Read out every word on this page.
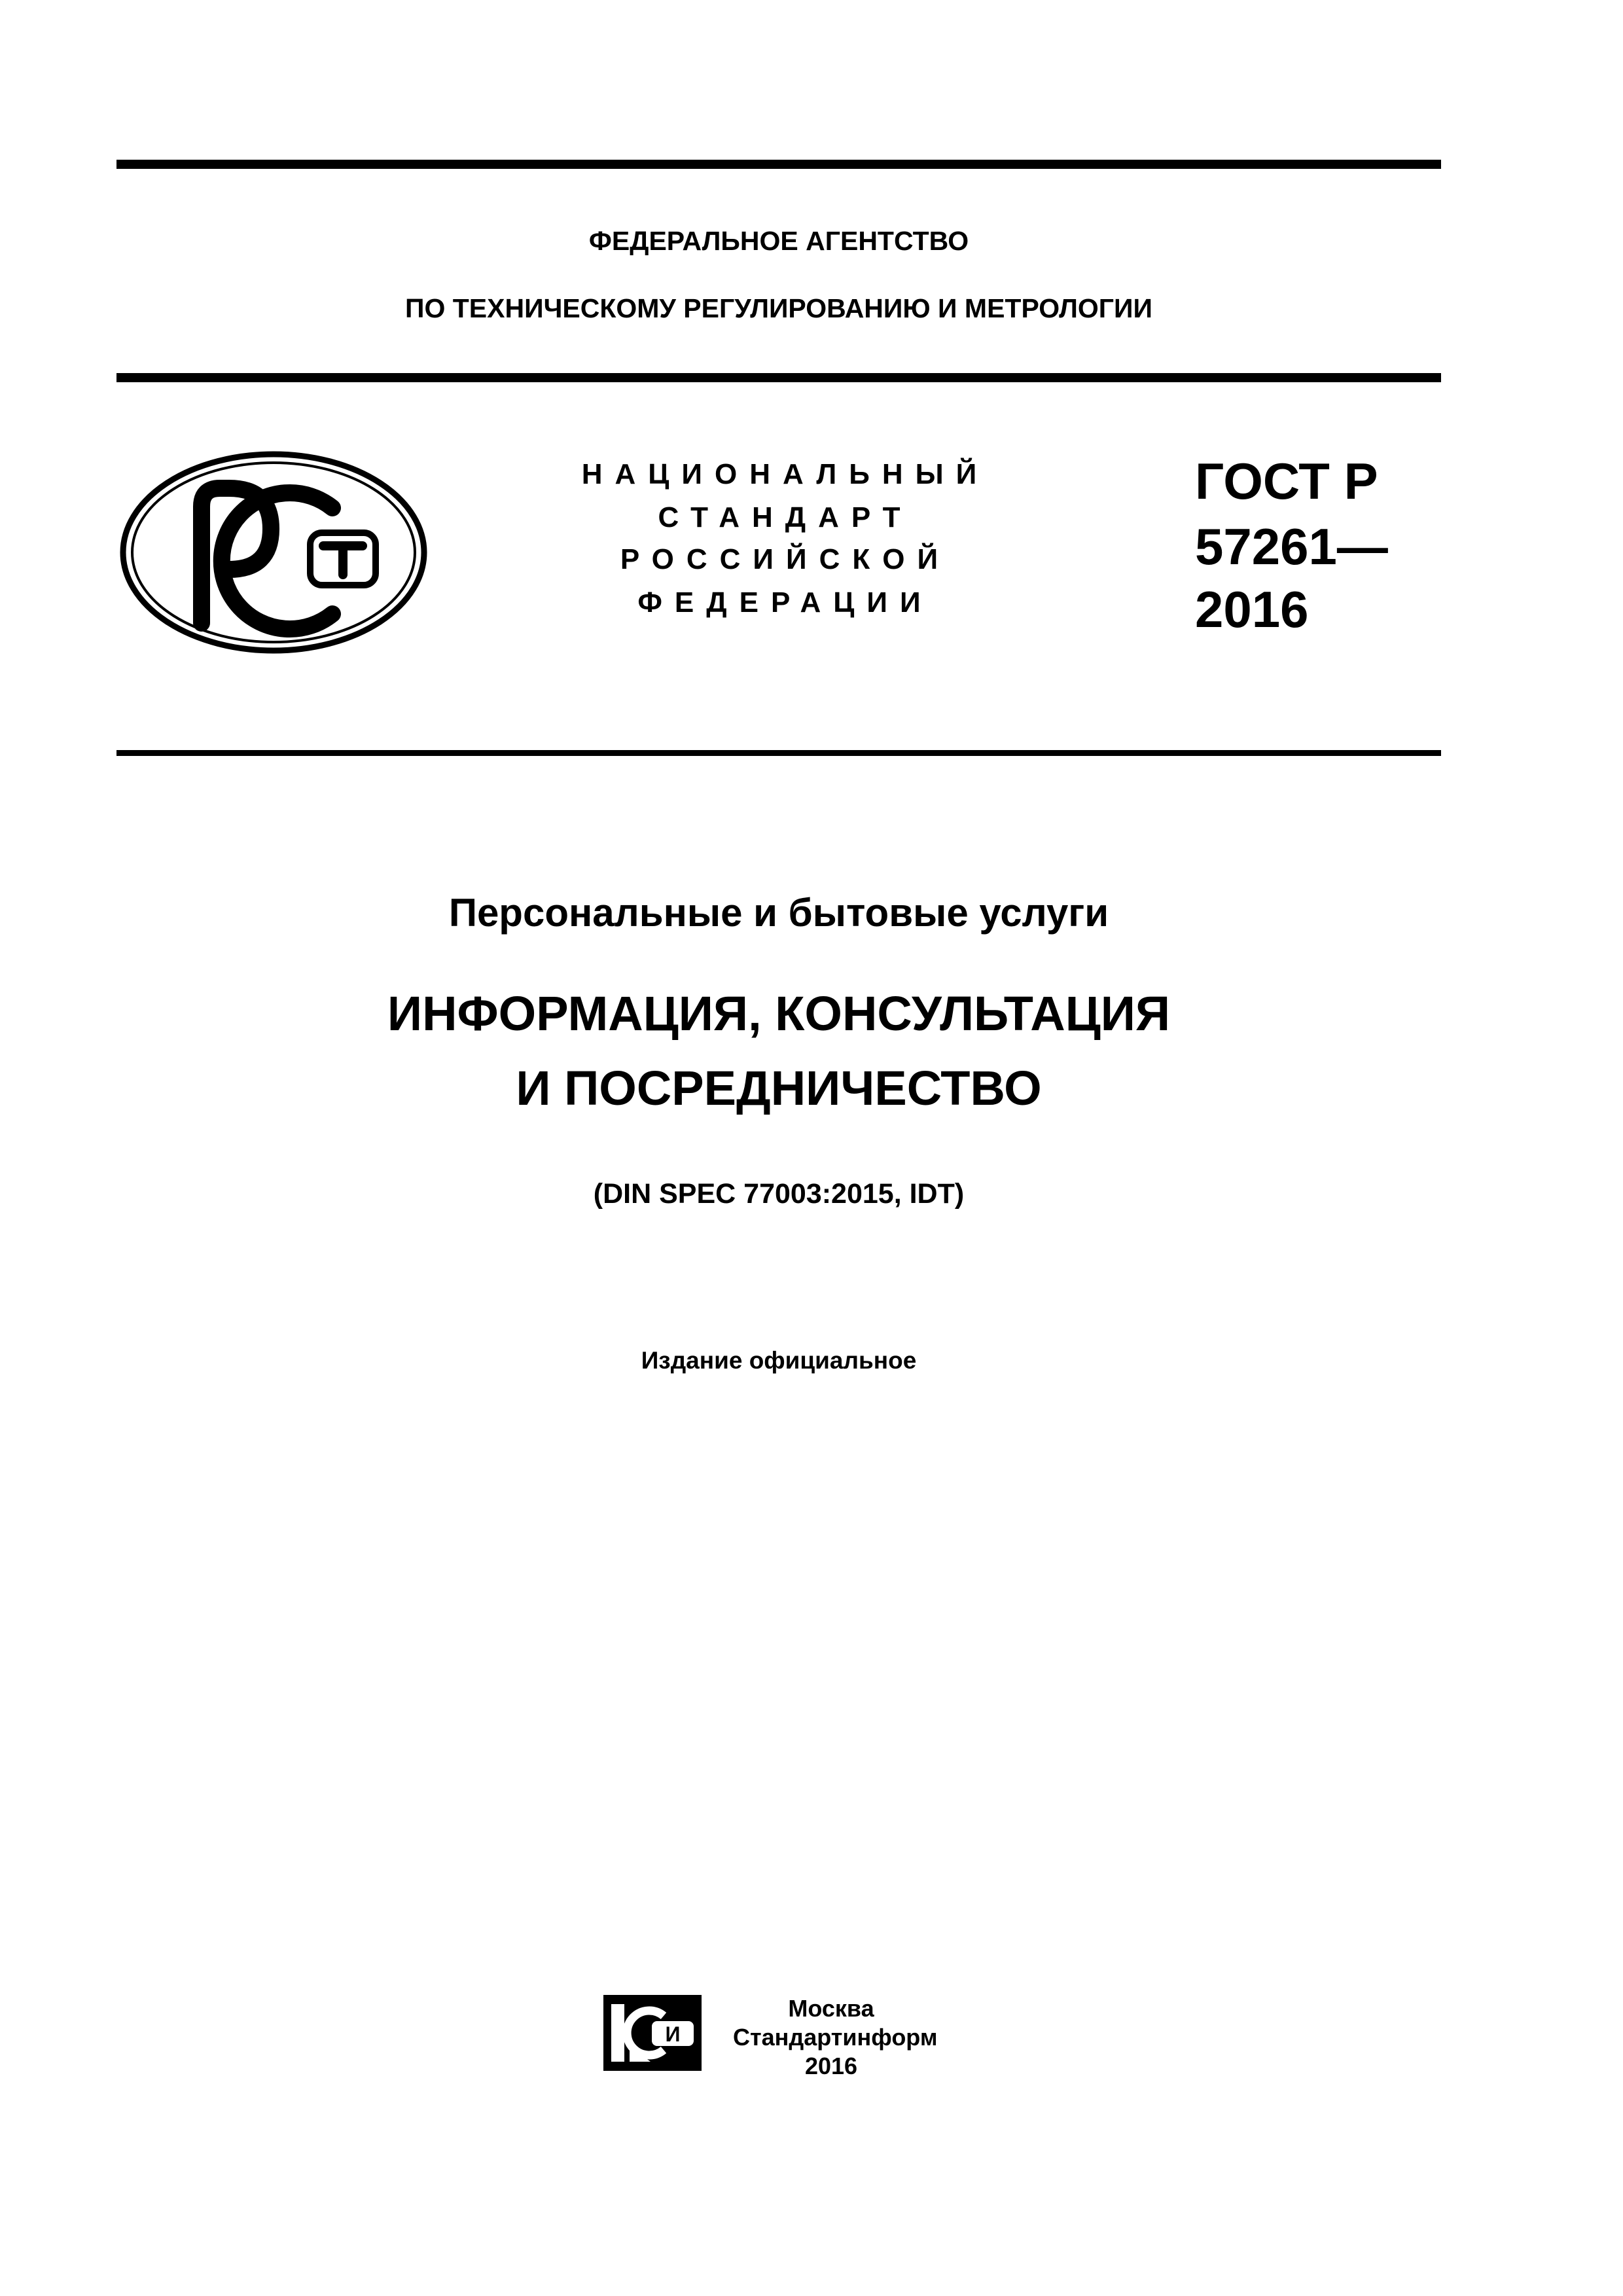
ФЕДЕРАЛЬНОЕ АГЕНТСТВО
ПО ТЕХНИЧЕСКОМУ РЕГУЛИРОВАНИЮ И МЕТРОЛОГИИ
НАЦИОНАЛЬНЫЙ
СТАНДАРТ
РОССИЙСКОЙ
ФЕДЕРАЦИИ
ГОСТ Р
57261—
2016
Персональные и бытовые услуги
ИНФОРМАЦИЯ, КОНСУЛЬТАЦИЯ
И ПОСРЕДНИЧЕСТВО
(DIN SPEC 77003:2015, IDT)
Издание официальное
И
Москва
Стандартинформ
2016
